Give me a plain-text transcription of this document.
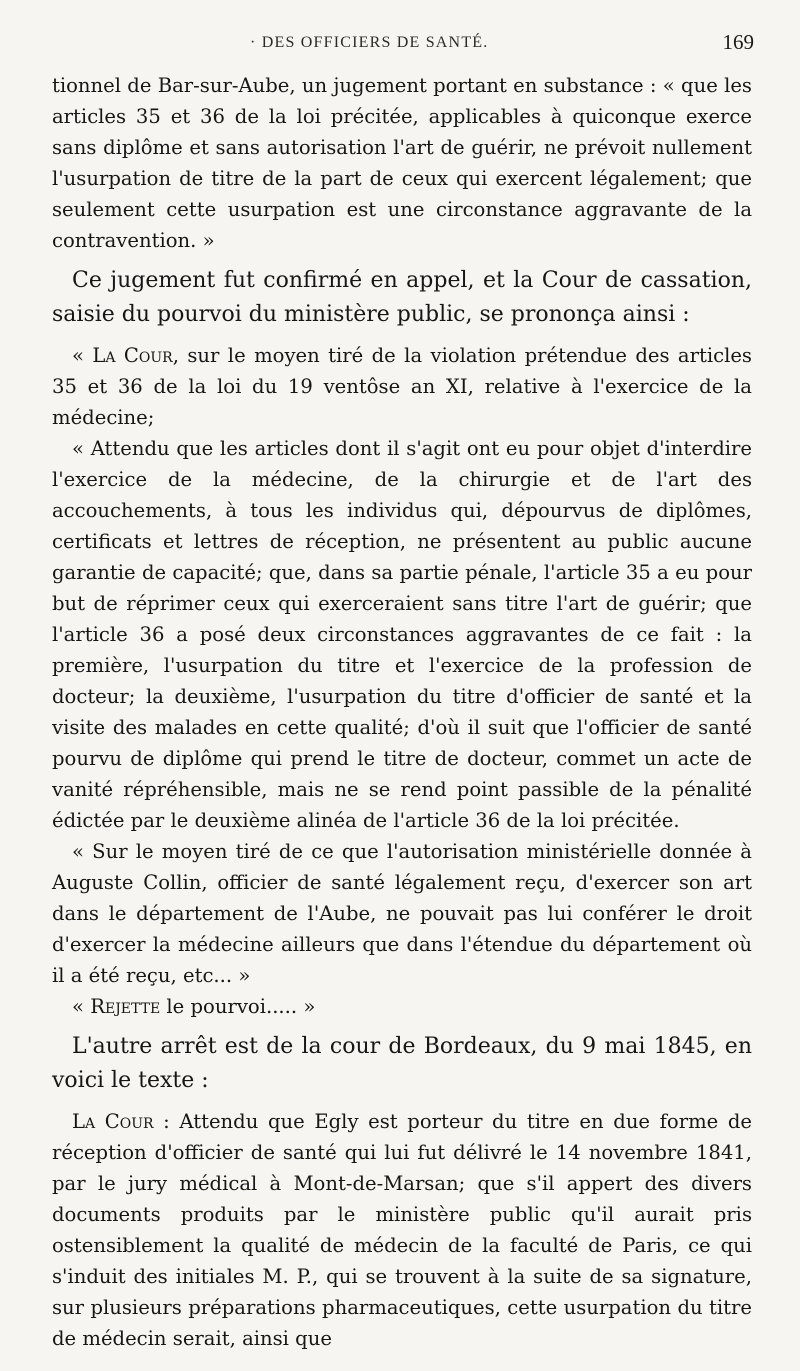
· DES OFFICIERS DE SANTÉ.	169

tionnel de Bar-sur-Aube, un jugement portant en substance : « que les articles 35 et 36 de la loi précitée, applicables à quiconque exerce sans diplôme et sans autorisation l'art de guérir, ne prévoit nullement l'usurpation de titre de la part de ceux qui exercent légalement; que seulement cette usurpation est une circonstance aggravante de la contravention. »

Ce jugement fut confirmé en appel, et la Cour de cassation, saisie du pourvoi du ministère public, se prononça ainsi :

« La Cour, sur le moyen tiré de la violation prétendue des articles 35 et 36 de la loi du 19 ventôse an XI, relative à l'exercice de la médecine;

« Attendu que les articles dont il s'agit ont eu pour objet d'interdire l'exercice de la médecine, de la chirurgie et de l'art des accouchements, à tous les individus qui, dépourvus de diplômes, certificats et lettres de réception, ne présentent au public aucune garantie de capacité; que, dans sa partie pénale, l'article 35 a eu pour but de réprimer ceux qui exerceraient sans titre l'art de guérir; que l'article 36 a posé deux circonstances aggravantes de ce fait : la première, l'usurpation du titre et l'exercice de la profession de docteur; la deuxième, l'usurpation du titre d'officier de santé et la visite des malades en cette qualité; d'où il suit que l'officier de santé pourvu de diplôme qui prend le titre de docteur, commet un acte de vanité répréhensible, mais ne se rend point passible de la pénalité édictée par le deuxième alinéa de l'article 36 de la loi précitée.

« Sur le moyen tiré de ce que l'autorisation ministérielle donnée à Auguste Collin, officier de santé légalement reçu, d'exercer son art dans le département de l'Aube, ne pouvait pas lui conférer le droit d'exercer la médecine ailleurs que dans l'étendue du département où il a été reçu, etc... »

« Rejette le pourvoi..... »

L'autre arrêt est de la cour de Bordeaux, du 9 mai 1845, en voici le texte :

La Cour : Attendu que Egly est porteur du titre en due forme de réception d'officier de santé qui lui fut délivré le 14 novembre 1841, par le jury médical à Mont-de-Marsan; que s'il appert des divers documents produits par le ministère public qu'il aurait pris ostensiblement la qualité de médecin de la faculté de Paris, ce qui s'induit des initiales M. P., qui se trouvent à la suite de sa signature, sur plusieurs préparations pharmaceutiques, cette usurpation du titre de médecin serait, ainsi que
